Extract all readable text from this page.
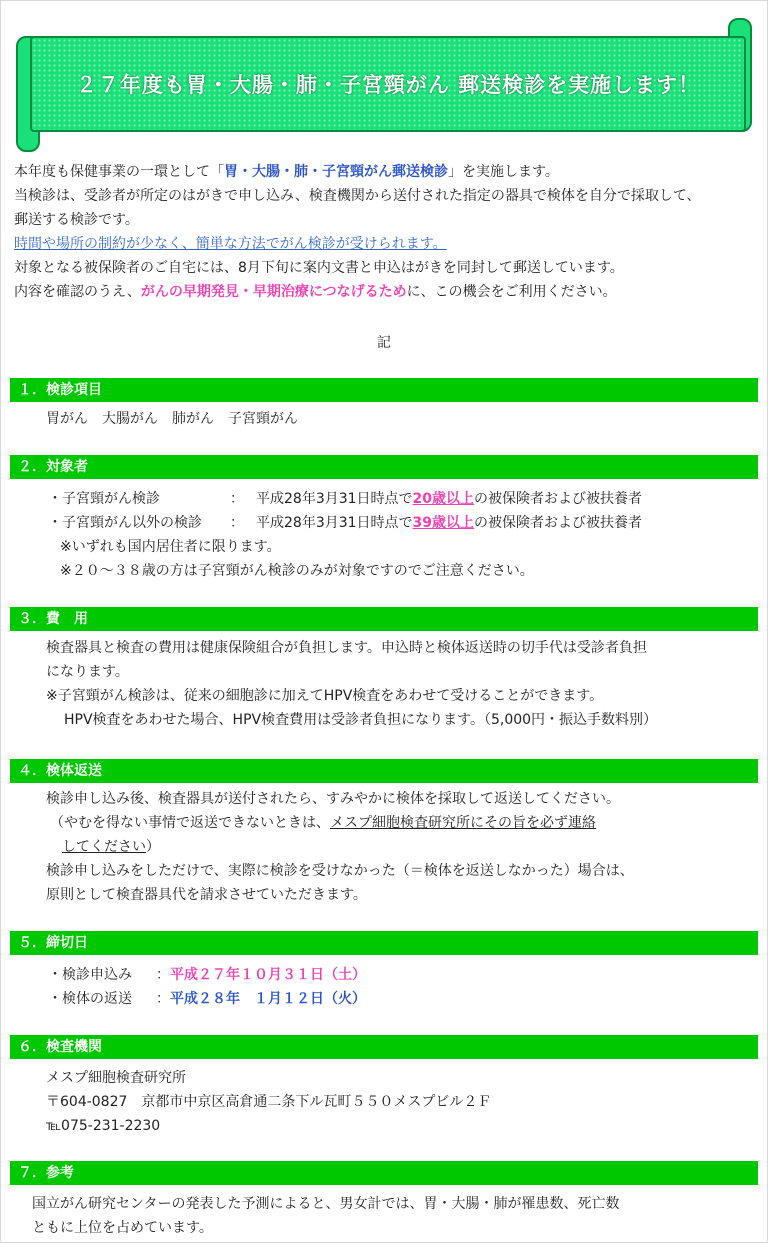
２７年度も胃・大腸・肺・子宮頸がん 郵送検診を実施します！

本年度も保健事業の一環として「胃・大腸・肺・子宮頸がん郵送検診」を実施します。

当検診は、受診者が所定のはがきで申し込み、検査機関から送付された指定の器具で検体を自分で採取して、

郵送する検診です。

時間や場所の制約が少なく、簡単な方法でがん検診が受けられます。

対象となる被保険者のご自宅には、8月下旬に案内文書と申込はがきを同封して郵送しています。

内容を確認のうえ、がんの早期発見・早期治療につなげるために、この機会をご利用ください。

記
１．検診項目

胃がん　大腸がん　肺がん　子宮頸がん

２．対象者

・子宮頸がん検診	： 平成28年3月31日時点で20歳以上の被保険者および被扶養者

・子宮頸がん以外の検診 ： 平成28年3月31日時点で39歳以上の被保険者および被扶養者

※いずれも国内居住者に限ります。

※２０～３８歳の方は子宮頸がん検診のみが対象ですのでご注意ください。

３．費　用

検査器具と検査の費用は健康保険組合が負担します。申込時と検体返送時の切手代は受診者負担

になります。

※子宮頸がん検診は、従来の細胞診に加えてHPV検査をあわせて受けることができます。

HPV検査をあわせた場合、HPV検査費用は受診者負担になります。（5,000円・振込手数料別）

４．検体返送

検診申し込み後、検査器具が送付されたら、すみやかに検体を採取して返送してください。

（やむを得ない事情で返送できないときは、メスプ細胞検査研究所にその旨を必ず連絡

してください）

検診申し込みをしただけで、実際に検診を受けなかった（＝検体を返送しなかった）場合は、

原則として検査器具代を請求させていただきます。

５．締切日

・検診申込み ： 平成２７年１０月３１日（土）

・検体の返送 ： 平成２８年　１月１２日（火）

６．検査機関

メスプ細胞検査研究所

〒604-0827　京都市中京区高倉通二条下ル瓦町５５０メスプビル２Ｆ

℡075-231-2230

７．参考

国立がん研究センターの発表した予測によると、男女計では、胃・大腸・肺が罹患数、死亡数

ともに上位を占めています。
